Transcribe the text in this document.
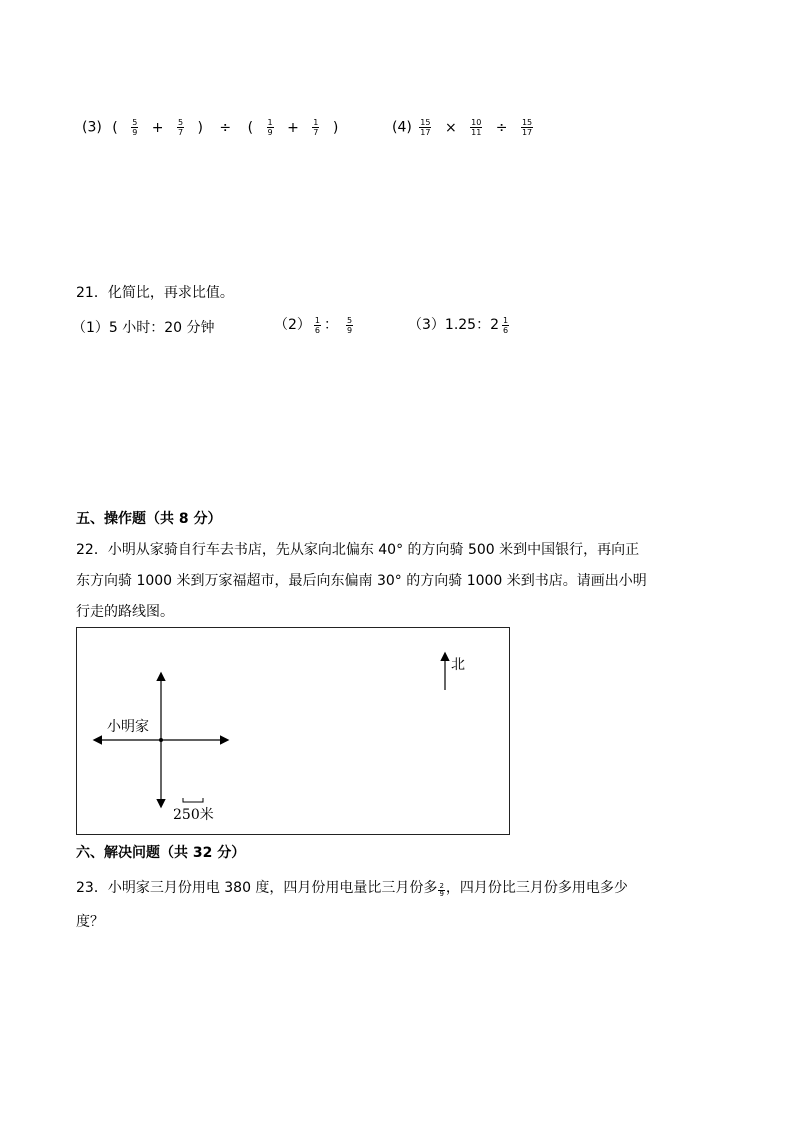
(3) ( $\frac{5}{9} + \frac{5}{7}$ ) ÷ ( $\frac{1}{9} + \frac{1}{7}$ )	$(4) \frac{15}{17} \times \frac{10}{11} \div \frac{15}{17}$
21．化简比，再求比值。
（1）5 小时：20 分钟	$(2) \frac{1}{6}$ ： $\frac{5}{9}$	（3）1.25：$2 \frac{1}{6}$
五、操作题（共 8 分）
22．小明从家骑自行车去书店，先从家向北偏东 40° 的方向骑 500 米到中国银行，再向正
东方向骑 1000 米到万家福超市，最后向东偏南 30° 的方向骑 1000 米到书店。请画出小明
行走的路线图。
小明家
北
250米
六、解决问题（共 32 分）
23．小明家三月份用电 380 度，四月份用电量比三月份多 $\frac{2}{9}$ ，四月份比三月份多用电多少
度？
